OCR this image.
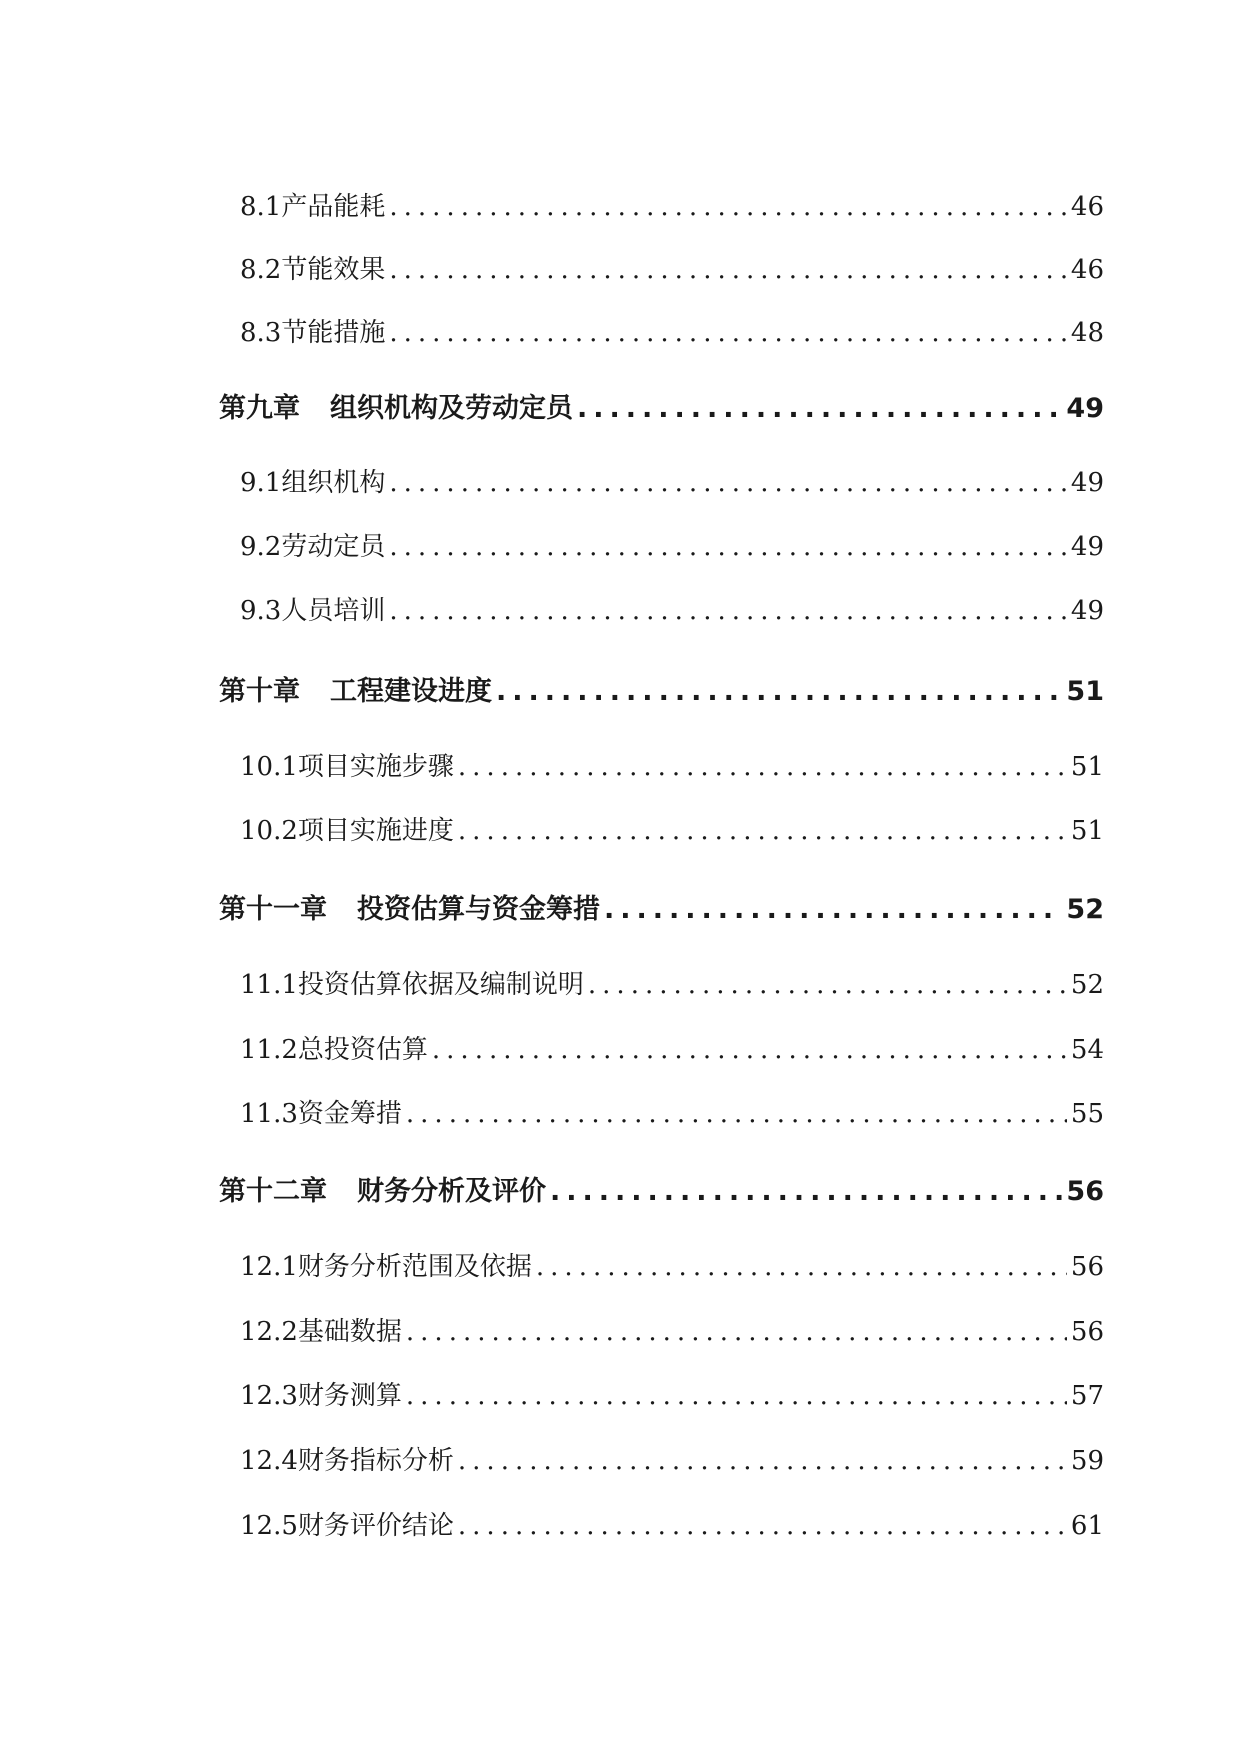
8.1 产品能耗 .....	46
8.2 节能效果 .....	46
8.3 节能措施 .....	48
第九章 组织机构及劳动定员 .....	49
9.1 组织机构 .....	49
9.2 劳动定员 .....	49
9.3 人员培训 .....	49
第十章 工程建设进度 .....	51
10.1 项目实施步骤 .....	51
10.2 项目实施进度 .....	51
第十一章 投资估算与资金筹措 .....	52
11.1 投资估算依据及编制说明 .....	52
11.2 总投资估算 .....	54
11.3 资金筹措 .....	55
第十二章 财务分析及评价 .....	56
12.1 财务分析范围及依据 .....	56
12.2 基础数据 .....	56
12.3 财务测算 .....	57
12.4 财务指标分析 .....	59
12.5 财务评价结论 .....	61
